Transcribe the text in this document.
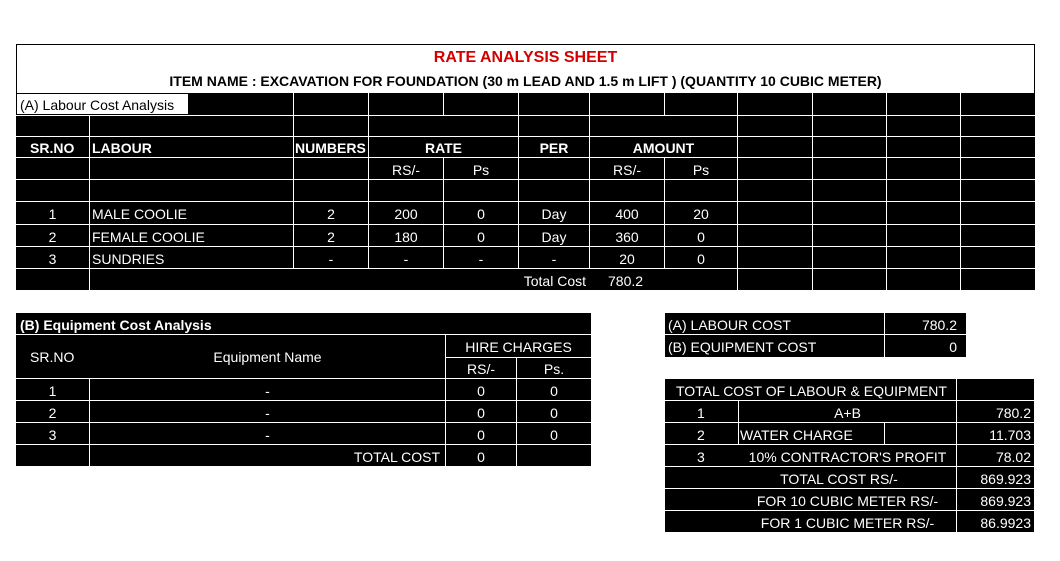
RATE ANALYSIS SHEET
ITEM NAME : EXCAVATION FOR FOUNDATION (30 m LEAD AND 1.5 m LIFT ) (QUANTITY 10 CUBIC METER)
(A) Labour Cost Analysis
SR.NO LABOUR	NUMBERS	RATE	PER	AMOUNT
RS/-	Ps	RS/-	Ps
1	MALE COOLIE	2	200	0	Day	400	20
2	FEMALE COOLIE	2	180	0	Day	360	0
3	SUNDRIES	-	-	-	-	20	0
Total Cost 780.2
(B) Equipment Cost Analysis
SR.NO	Equipment Name
HIRE CHARGES
RS/-	Ps.
1	-	0	0
2	-	0	0
3	-	0	0
TOTAL COST	0
(A) LABOUR COST	780.2
(B) EQUIPMENT COST	0
TOTAL COST OF LABOUR & EQUIPMENT
1	A+B	780.2
2	WATER CHARGE	11.703
3	10% CONTRACTOR'S PROFIT	78.02
TOTAL COST RS/-	869.923
FOR 10 CUBIC METER RS/-	869.923
FOR 1 CUBIC METER RS/-	86.9923
